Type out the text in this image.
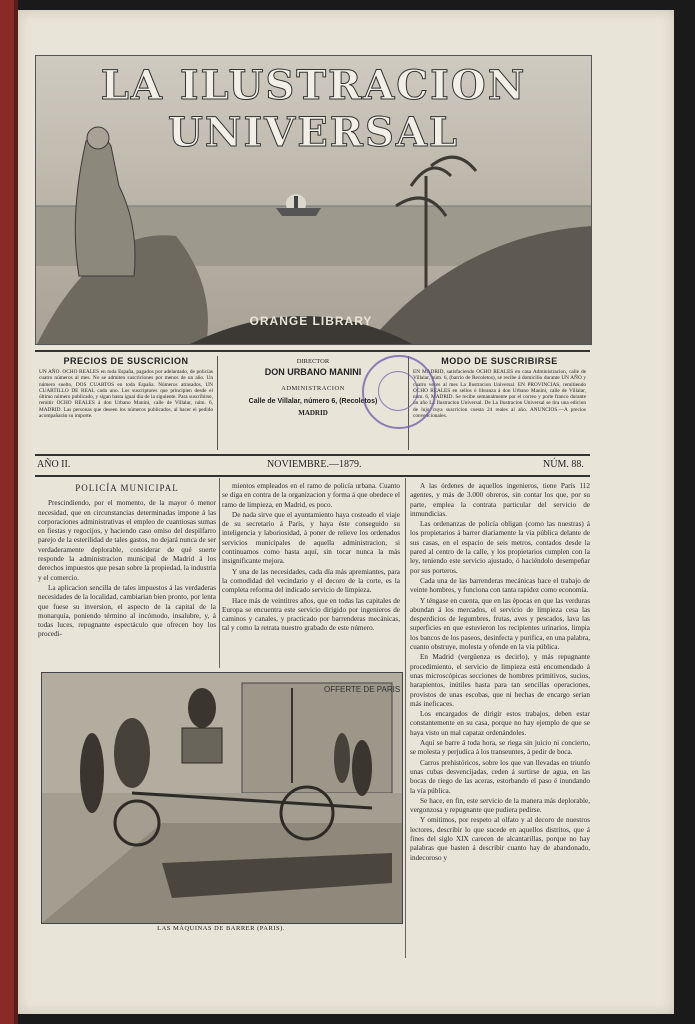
LA ILUSTRACION UNIVERSAL
ORANGE LIBRARY
PRECIOS DE SUSCRICION
UN AÑO. OCHO REALES en toda España, pagados por adelantado, de policías cuatro números al mes. No se admiten suscriciones por menos de un año. Un número suelto, DOS CUARTOS en toda España. Números atrasados, UN CUARTILLO DE REAL cada uno. Los suscriptores que principien desde el último número publicado, y sigan hasta igual día de la siguiente. Para suscribirse, remitir OCHO REALES á don Urbano Manini, calle de Villalar, núm. 6, MADRID. Las personas que deseen los números publicados, al hacer el pedido acompañarán su importe.
DIRECTOR
DON URBANO MANINI
ADMINISTRACION
Calle de Villalar, número 6, (Recoletos)
MADRID
MODO DE SUSCRIBIRSE
EN MADRID, satisfaciendo OCHO REALES en casa Administracion, calle de Villalar, núm. 6, (barrio de Recoletos), se recibe á domicilio durante UN AÑO y cuatro veces al mes La Ilustracion Universal. EN PROVINCIAS, remitiendo OCHO REALES en sellos ó libranza á don Urbano Manini, calle de Villalar, núm. 6, MADRID. Se recibe semanalmente por el correo y porte franco durante un año La Ilustracion Universal. De La Ilustracion Universal se tira una edicion de lujo cuya suscricion cuesta 24 reales al año. ANUNCIOS.—A precios convencionales.
AÑO II.	NOVIEMBRE.—1879.	NÚM. 88.
POLICÍA MUNICIPAL

Prescindiendo, por el momento, de la mayor ó menor necesidad, que en circunstancias determinadas impone á las corporaciones administrativas el empleo de cuantiosas sumas en fiestas y regocijos, y haciendo caso omiso del despilfarro parejo de la esterilidad de tales gastos, no dejará nunca de ser verdaderamente deplorable, considerar de qué suerte responde la administracion municipal de Madrid á los derechos impuestos que pesan sobre la propiedad, la industria y el comercio.

La aplicacion sencilla de tales impuestos á las verdaderas necesidades de la localidad, cambiarian bien pronto, por lenta que fuese su inversion, el aspecto de la capital de la monarquía, poniendo término al incómodo, insalubre, y, á todas luces, repugnante espectáculo que ofrecen hoy los procedi-

mientos empleados en el ramo de policía urbana. Cuanto se diga en contra de la organizacion y forma á que obedece el ramo de limpieza, en Madrid, es poco.

De nada sirve que el ayuntamiento haya costeado el viaje de su secretario á París, y haya éste conseguido su inteligencia y laboriosidad, á poner de relieve los ordenados servicios municipales de aquella administracion, si continuamos como hasta aquí, sin tocar nunca la más insignificante mejora.

Y una de las necesidades, cada día más apremiantes, para la comodidad del vecindario y el decoro de la corte, es la completa reforma del indicado servicio de limpieza.

Hace más de veintitres años, que en todas las capitales de Europa se encuentra este servicio dirigido por ingenieros de caminos y canales, y practicado por barrenderas mecánicas, tal y como la retrata nuestro grabado de este número.

A las órdenes de aquellos ingenieros, tiene París 112 agentes, y más de 3.000 obreros, sin contar los que, por su parte, emplea la contrata particular del servicio de inmundicias.

Las ordenanzas de policía obligan (como las nuestras) á los propietarios á barrer diariamente la vía pública delante de sus casas, en el espacio de seis metros, contados desde la pared al centro de la calle, y los propietarios cumplen con la ley, teniendo este servicio ajustado, ó haciéndolo desempeñar por sus porteros.

Cada una de las barrenderas mecánicas hace el trabajo de veinte hombres, y funciona con tanta rapidez como economía.

Y téngase en cuenta, que en las épocas en que las verduras abundan á los mercados, el servicio de limpieza cesa las desperdicios de legumbres, frutas, aves y pescados, lava las superficies en que estuvieron los recipientes urinarios, limpia los bancos de los paseos, desinfecta y purifica, en una palabra, cuanto obstruye, molesta y ofende en la vía pública.

En Madrid (vergüenza es decirlo), y más repugnante procedimiento, el servicio de limpieza está encomendado á unas microscópicas secciones de hombres primitivos, sucios, harapientos, inútiles hasta para tan sencillas operaciones, provistos de unas escobas, que ni hechas de encargo serian más ineficaces.

Los encargados de dirigir estos trabajos, deben estar constantemente en su casa, porque no hay ejemplo de que se haya visto un mal capataz ordenándoles.

Aquí se barre á toda hora, se riega sin juicio ni concierto, se molesta y perjudica á los transeuntes, á pedir de boca.

Carros prehistóricos, sobre los que van llevadas en triunfo unas cubas desvencijadas, ceden á surtirse de agua, en las bocas de riego de las aceras, estorbando el paso é inundando la vía pública.

Se hace, en fin, este servicio de la manera más deplorable, vergonzosa y repugnante que pudiera pedirse.

Y omitimos, por respeto al olfato y al decoro de nuestros lectores, describir lo que sucede en aquellos distritos, que á fines del siglo XIX carecen de alcantarillas, porque no hay palabras que basten á describir cuanto hay de abandonado, indecoroso y

OFFERTE DE PARIS
LAS MÁQUINAS DE BARRER (PARIS).
